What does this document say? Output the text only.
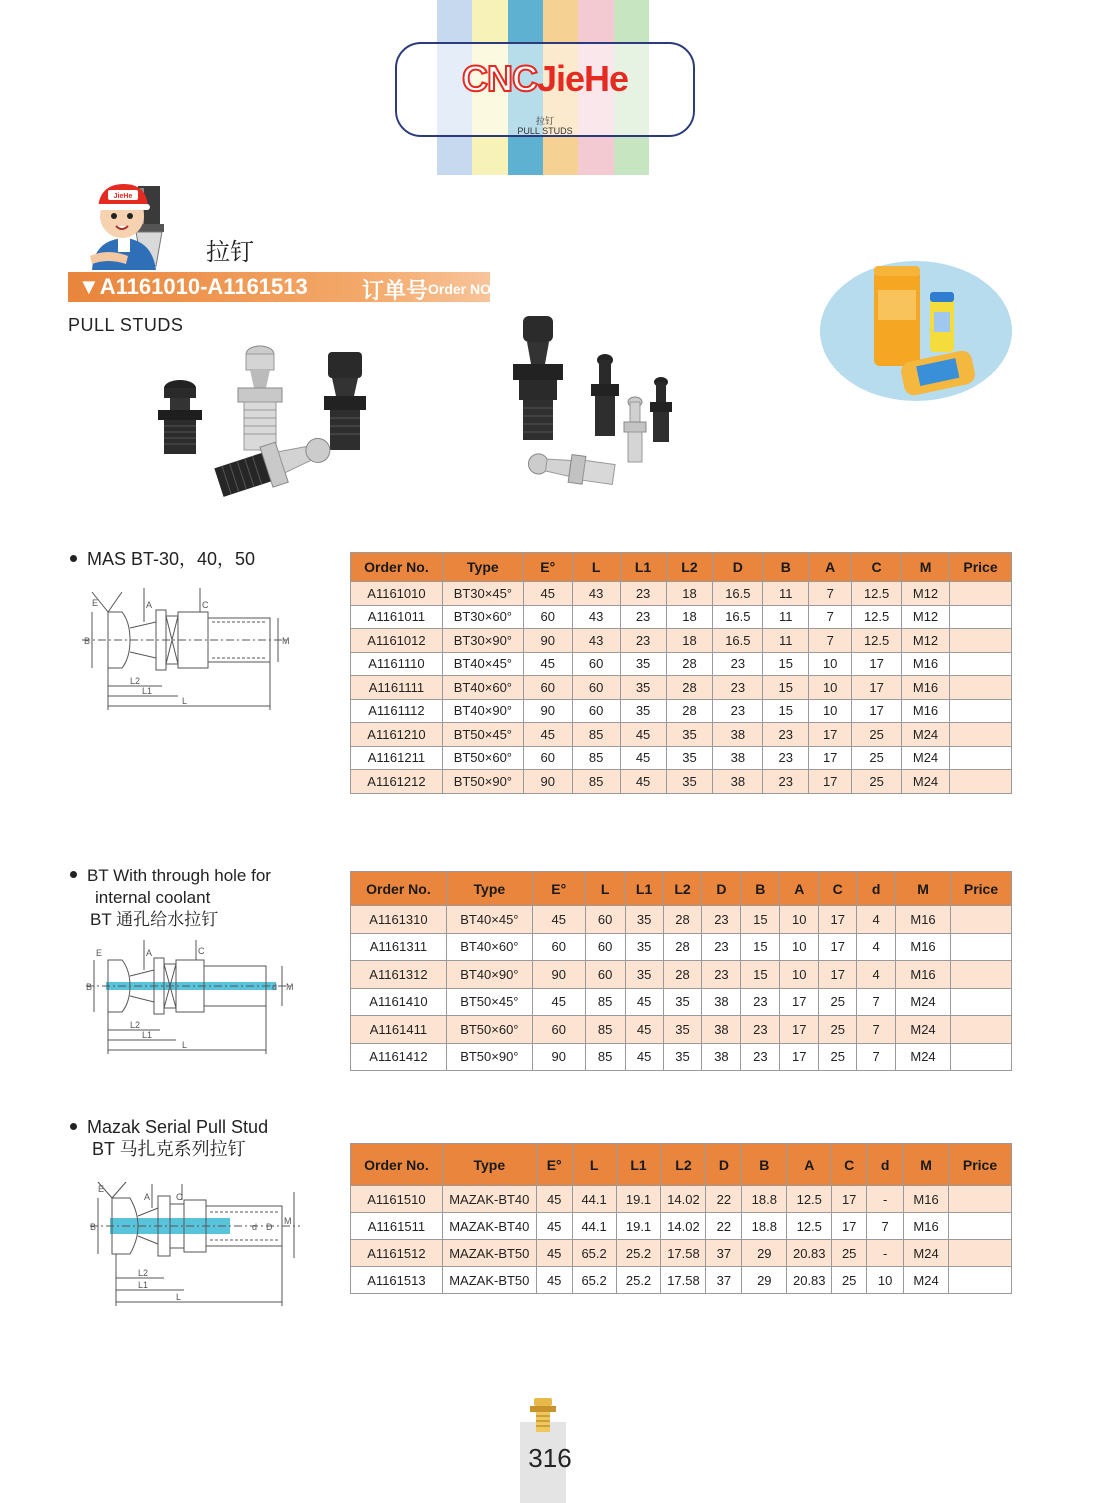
CNCJieHe
拉钉
PULL STUDS
JieHe
拉钉
▼A1161010-A1161513 订单号 Order NO.
PULL STUDS
MAS BT-30，40，50
E	A	C
B	M
L2
L1
L
Order No.	Type	E°	L	L1	L2	D	B	A	C	M	Price
A1161010	BT30×45°	45	43	23	18	16.5	11	7	12.5	M12	
A1161011	BT30×60°	60	43	23	18	16.5	11	7	12.5	M12	
A1161012	BT30×90°	90	43	23	18	16.5	11	7	12.5	M12	
A1161110	BT40×45°	45	60	35	28	23	15	10	17	M16	
A1161111	BT40×60°	60	60	35	28	23	15	10	17	M16	
A1161112	BT40×90°	90	60	35	28	23	15	10	17	M16	
A1161210	BT50×45°	45	85	45	35	38	23	17	25	M24	
A1161211	BT50×60°	60	85	45	35	38	23	17	25	M24	
A1161212	BT50×90°	90	85	45	35	38	23	17	25	M24	
BT With through hole for
internal coolant
BT 通孔给水拉钉
E	A	C
B	d M
L2
L1
L
Order No.	Type	E°	L	L1	L2	D	B	A	C	d	M	Price
A1161310	BT40×45°	45	60	35	28	23	15	10	17	4	M16	
A1161311	BT40×60°	60	60	35	28	23	15	10	17	4	M16	
A1161312	BT40×90°	90	60	35	28	23	15	10	17	4	M16	
A1161410	BT50×45°	45	85	45	35	38	23	17	25	7	M24	
A1161411	BT50×60°	60	85	45	35	38	23	17	25	7	M24	
A1161412	BT50×90°	90	85	45	35	38	23	17	25	7	M24	
Mazak Serial Pull Stud
BT 马扎克系列拉钉
E
A	C
B	D
M
d
L2
L1
L
Order No.	Type	E°	L	L1	L2	D	B	A	C	d	M	Price
A1161510	MAZAK-BT40	45	44.1	19.1	14.02	22	18.8	12.5	17	-	M16	
A1161511	MAZAK-BT40	45	44.1	19.1	14.02	22	18.8	12.5	17	7	M16	
A1161512	MAZAK-BT50	45	65.2	25.2	17.58	37	29	20.83	25	-	M24	
A1161513	MAZAK-BT50	45	65.2	25.2	17.58	37	29	20.83	25	10	M24	
316
